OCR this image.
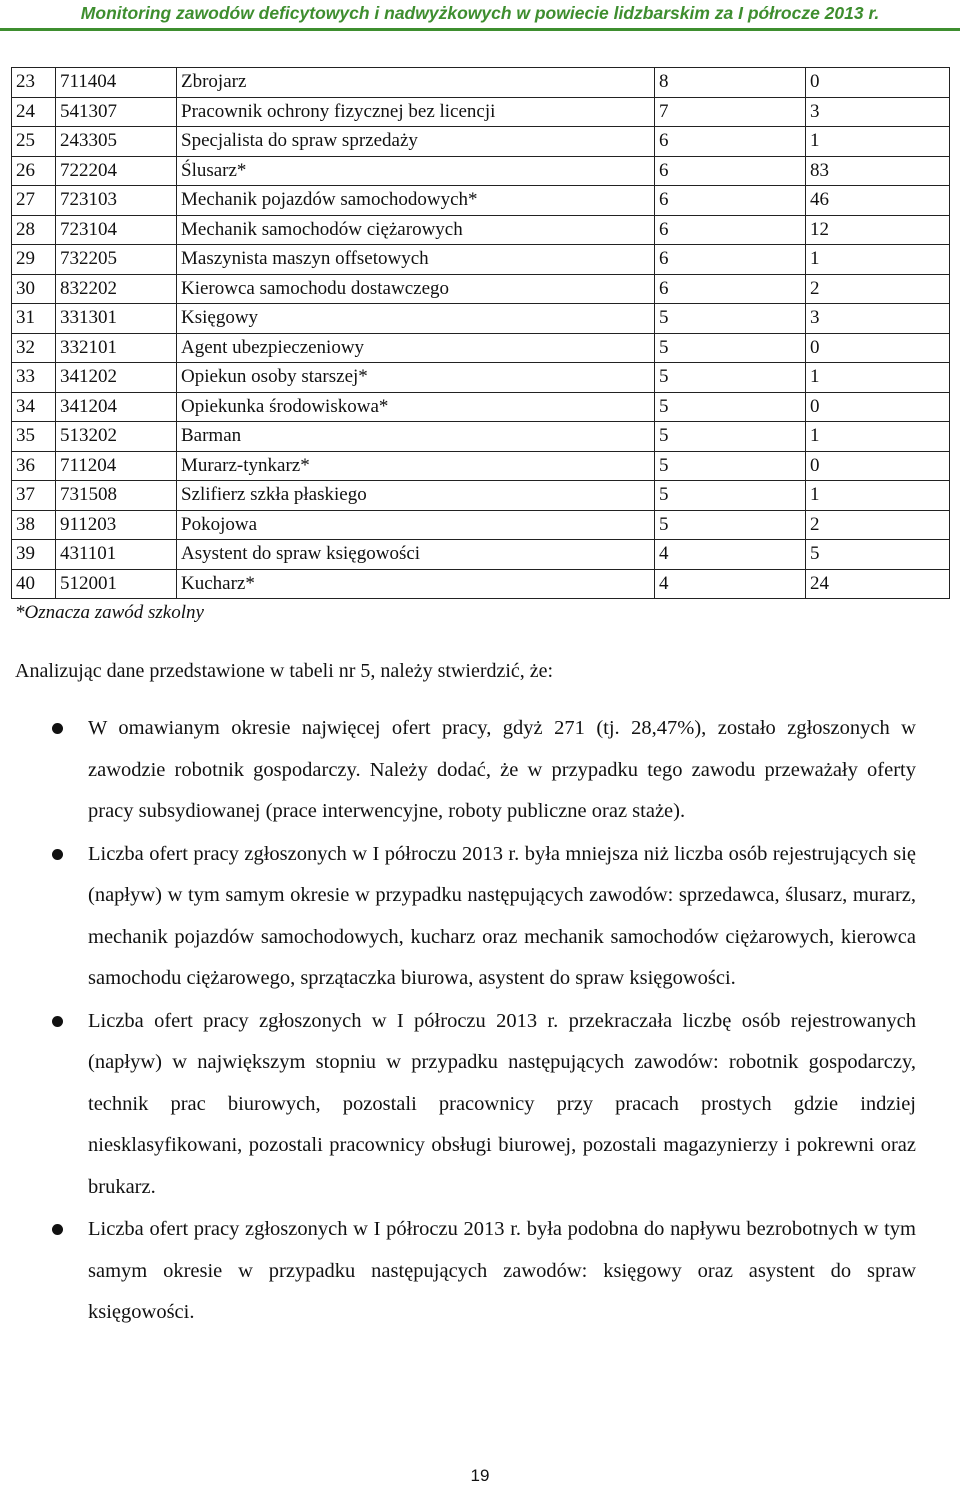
Monitoring zawodów deficytowych i nadwyżkowych w powiecie lidzbarskim za I półrocze 2013 r.
23	711404	Zbrojarz	8	0
24	541307	Pracownik ochrony fizycznej bez licencji	7	3
25	243305	Specjalista do spraw sprzedaży	6	1
26	722204	Ślusarz*	6	83
27	723103	Mechanik pojazdów samochodowych*	6	46
28	723104	Mechanik samochodów ciężarowych	6	12
29	732205	Maszynista maszyn offsetowych	6	1
30	832202	Kierowca samochodu dostawczego	6	2
31	331301	Księgowy	5	3
32	332101	Agent ubezpieczeniowy	5	0
33	341202	Opiekun osoby starszej*	5	1
34	341204	Opiekunka środowiskowa*	5	0
35	513202	Barman	5	1
36	711204	Murarz-tynkarz*	5	0
37	731508	Szlifierz szkła płaskiego	5	1
38	911203	Pokojowa	5	2
39	431101	Asystent do spraw księgowości	4	5
40	512001	Kucharz*	4	24
*Oznacza zawód szkolny
Analizując dane przedstawione w tabeli nr 5, należy stwierdzić, że:
W omawianym okresie najwięcej ofert pracy, gdyż 271 (tj. 28,47%), zostało zgłoszonych w zawodzie robotnik gospodarczy. Należy dodać, że w przypadku tego zawodu przeważały oferty pracy subsydiowanej (prace interwencyjne, roboty publiczne oraz staże).
Liczba ofert pracy zgłoszonych w I półroczu 2013 r. była mniejsza niż liczba osób rejestrujących się (napływ) w tym samym okresie w przypadku następujących zawodów: sprzedawca, ślusarz, murarz, mechanik pojazdów samochodowych, kucharz oraz mechanik samochodów ciężarowych, kierowca samochodu ciężarowego, sprzątaczka biurowa, asystent do spraw księgowości.
Liczba ofert pracy zgłoszonych w I półroczu 2013 r. przekraczała liczbę osób rejestrowanych (napływ) w największym stopniu w przypadku następujących zawodów: robotnik gospodarczy, technik prac biurowych, pozostali pracownicy przy pracach prostych gdzie indziej niesklasyfikowani, pozostali pracownicy obsługi biurowej, pozostali magazynierzy i pokrewni oraz brukarz.
Liczba ofert pracy zgłoszonych w I półroczu 2013 r. była podobna do napływu bezrobotnych w tym samym okresie w przypadku następujących zawodów: księgowy oraz asystent do spraw księgowości.
19
